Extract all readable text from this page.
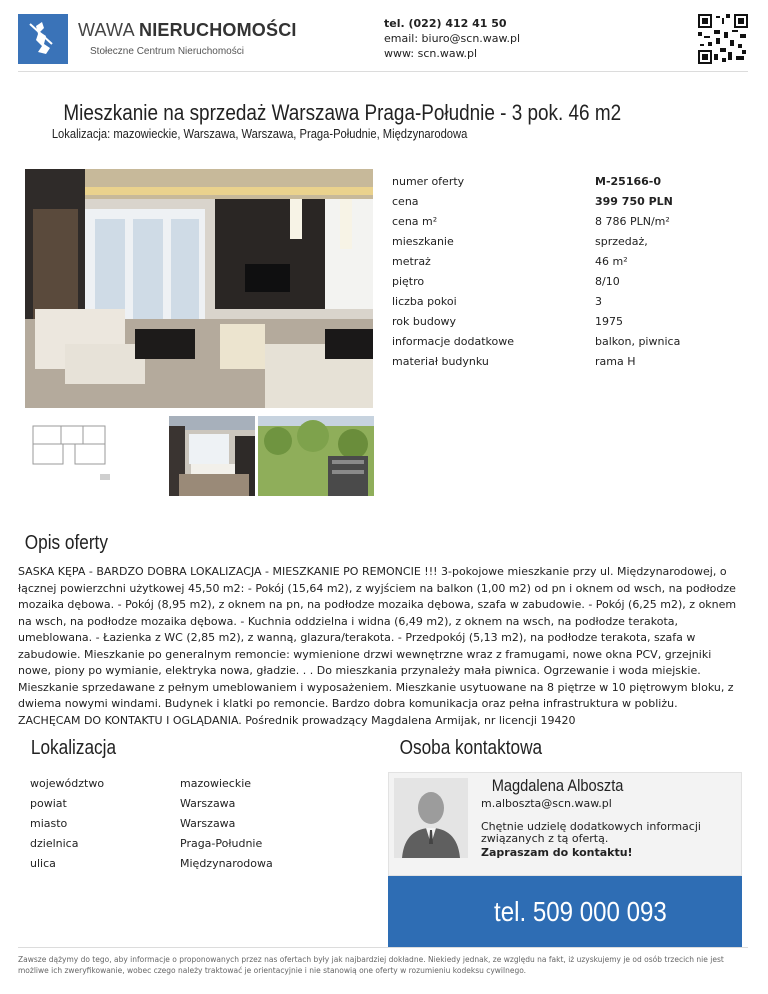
WAWA NIERUCHOMOŚCI
Stołeczne Centrum Nieruchomości
tel. (022) 412 41 50
email: biuro@scn.waw.pl
www: scn.waw.pl
Mieszkanie na sprzedaż Warszawa Praga-Południe - 3 pok. 46 m2
Lokalizacja: mazowieckie, Warszawa, Warszawa, Praga-Południe, Międzynarodowa
numer oferty	M-25166-0
cena	399 750 PLN
cena m²	8 786 PLN/m²
mieszkanie	sprzedaż,
metraż	46 m²
piętro	8/10
liczba pokoi	3
rok budowy	1975
informacje dodatkowe	balkon, piwnica
materiał budynku	rama H
Opis oferty
SASKA KĘPA - BARDZO DOBRA LOKALIZACJA - MIESZKANIE PO REMONCIE !!! 3-pokojowe mieszkanie przy ul. Międzynarodowej, o łącznej powierzchni użytkowej 45,50 m2: - Pokój (15,64 m2), z wyjściem na balkon (1,00 m2) od pn i oknem od wsch, na podłodze mozaika dębowa. - Pokój (8,95 m2), z oknem na pn, na podłodze mozaika dębowa, szafa w zabudowie. - Pokój (6,25 m2), z oknem na wsch, na podłodze mozaika dębowa. - Kuchnia oddzielna i widna (6,49 m2), z oknem na wsch, na podłodze terakota, umeblowana. - Łazienka z WC (2,85 m2), z wanną, glazura/terakota. - Przedpokój (5,13 m2), na podłodze terakota, szafa w zabudowie. Mieszkanie po generalnym remoncie: wymienione drzwi wewnętrzne wraz z framugami, nowe okna PCV, grzejniki nowe, piony po wymianie, elektryka nowa, gładzie. . . Do mieszkania przynależy mała piwnica. Ogrzewanie i woda miejskie. Mieszkanie sprzedawane z pełnym umeblowaniem i wyposażeniem. Mieszkanie usytuowane na 8 piętrze w 10 piętrowym bloku, z dwiema nowymi windami. Budynek i klatki po remoncie. Bardzo dobra komunikacja oraz pełna infrastruktura w pobliżu. ZACHĘCAM DO KONTAKTU I OGLĄDANIA. Pośrednik prowadzący Magdalena Armijak, nr licencji 19420
Lokalizacja
województwo	mazowieckie
powiat	Warszawa
miasto	Warszawa
dzielnica	Praga-Południe
ulica	Międzynarodowa
Osoba kontaktowa
Magdalena Alboszta
m.alboszta@scn.waw.pl
Chętnie udzielę dodatkowych informacji związanych z tą ofertą.
Zapraszam do kontaktu!
tel. 509 000 093
Zawsze dążymy do tego, aby informacje o proponowanych przez nas ofertach były jak najbardziej dokładne. Niekiedy jednak, ze względu na fakt, iż uzyskujemy je od osób trzecich nie jest możliwe ich zweryfikowanie, wobec czego należy traktować je orientacyjnie i nie stanowią one oferty w rozumieniu kodeksu cywilnego.
